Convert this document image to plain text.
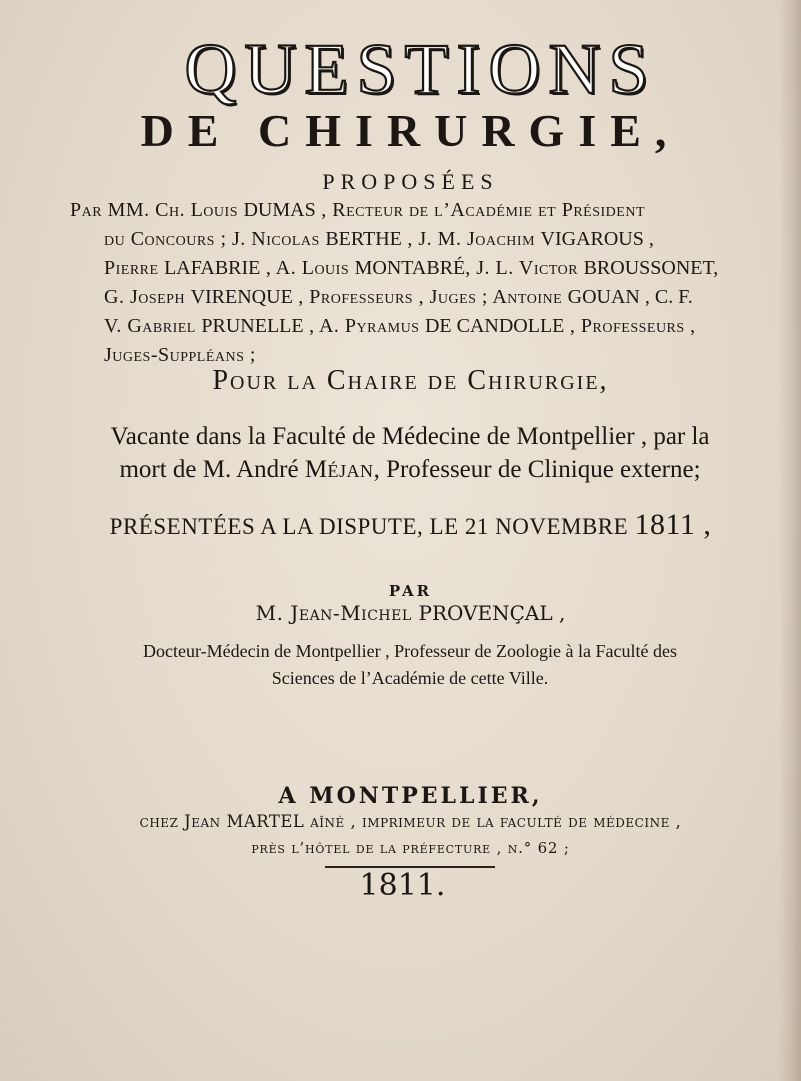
QUESTIONS
DE CHIRURGIE,
PROPOSÉES
Par MM. Ch. Louis DUMAS , Recteur de l’Académie et Président
du Concours ; J. Nicolas BERTHE , J. M. Joachim VIGAROUS ,
Pierre LAFABRIE , A. Louis MONTABRÉ, J. L. Victor BROUSSONET,
G. Joseph VIRENQUE , Professeurs , Juges ; Antoine GOUAN , C. F.
V. Gabriel PRUNELLE , A. Pyramus DE CANDOLLE , Professeurs ,
Juges-Suppléans ;
Pour la Chaire de Chirurgie,
Vacante dans la Faculté de Médecine de Montpellier , par la
mort de M. André Méjan, Professeur de Clinique externe;
PRÉSENTÉES A LA DISPUTE, LE 21 NOVEMBRE 1811 ,
PAR
M. Jean-Michel PROVENÇAL ,
Docteur-Médecin de Montpellier , Professeur de Zoologie à la Faculté des
Sciences de l’Académie de cette Ville.
A MONTPELLIER,
chez Jean MARTEL aîné , imprimeur de la faculté de médecine ,
près l’hôtel de la préfecture , n.° 62 ;
1811.
